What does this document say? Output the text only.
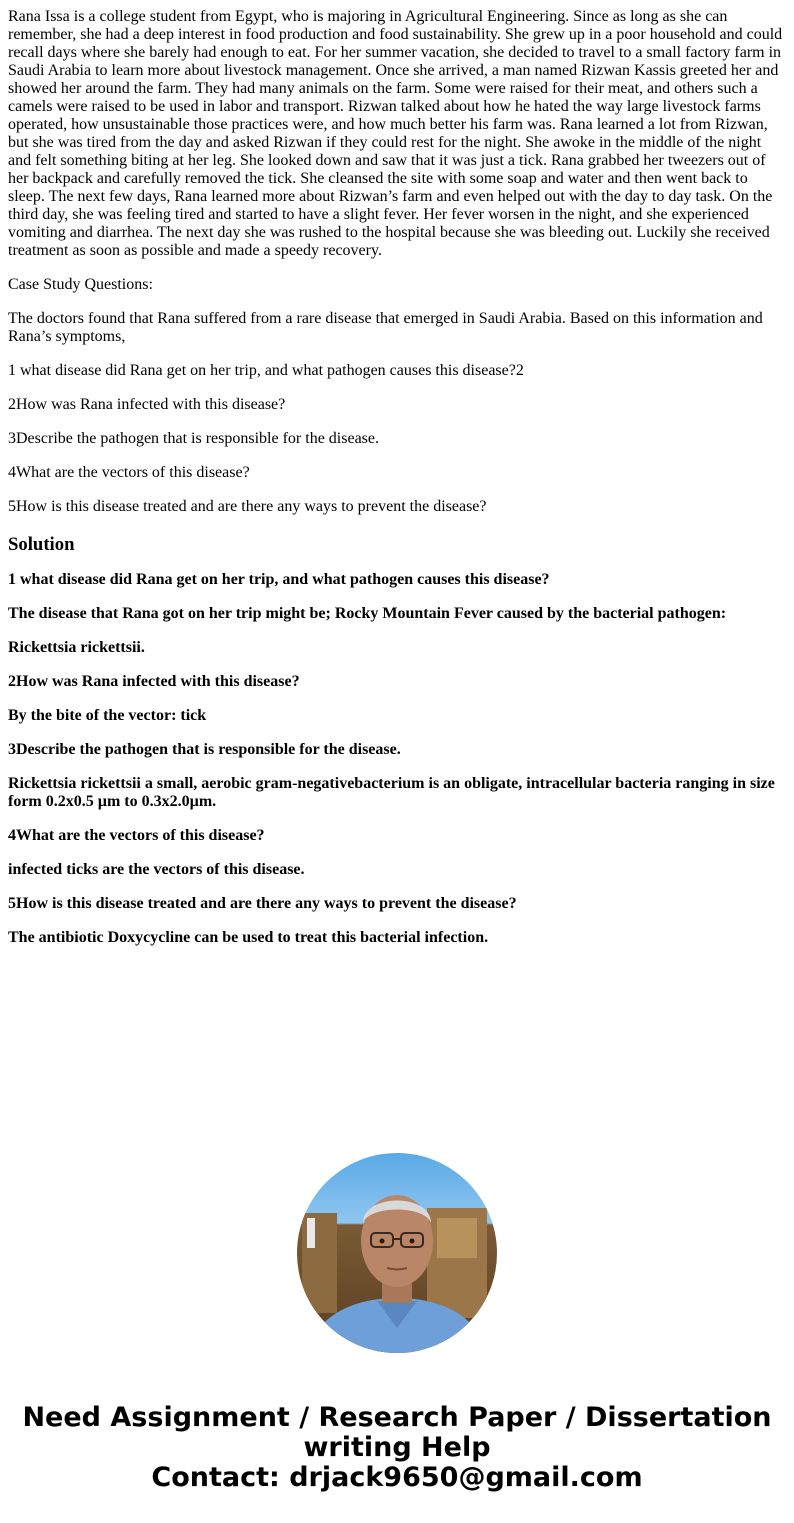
Rana Issa is a college student from Egypt, who is majoring in Agricultural Engineering. Since as long as she can remember, she had a deep interest in food production and food sustainability. She grew up in a poor household and could recall days where she barely had enough to eat. For her summer vacation, she decided to travel to a small factory farm in Saudi Arabia to learn more about livestock management. Once she arrived, a man named Rizwan Kassis greeted her and showed her around the farm. They had many animals on the farm. Some were raised for their meat, and others such a camels were raised to be used in labor and transport. Rizwan talked about how he hated the way large livestock farms operated, how unsustainable those practices were, and how much better his farm was. Rana learned a lot from Rizwan, but she was tired from the day and asked Rizwan if they could rest for the night. She awoke in the middle of the night and felt something biting at her leg. She looked down and saw that it was just a tick. Rana grabbed her tweezers out of her backpack and carefully removed the tick. She cleansed the site with some soap and water and then went back to sleep. The next few days, Rana learned more about Rizwan’s farm and even helped out with the day to day task. On the third day, she was feeling tired and started to have a slight fever. Her fever worsen in the night, and she experienced vomiting and diarrhea. The next day she was rushed to the hospital because she was bleeding out. Luckily she received treatment as soon as possible and made a speedy recovery.

Case Study Questions:

The doctors found that Rana suffered from a rare disease that emerged in Saudi Arabia. Based on this information and Rana’s symptoms,

1 what disease did Rana get on her trip, and what pathogen causes this disease?2

2How was Rana infected with this disease?

3Describe the pathogen that is responsible for the disease.

4What are the vectors of this disease?

5How is this disease treated and are there any ways to prevent the disease?

Solution

1 what disease did Rana get on her trip, and what pathogen causes this disease?

The disease that Rana got on her trip might be; Rocky Mountain Fever caused by the bacterial pathogen:

Rickettsia rickettsii.

2How was Rana infected with this disease?

By the bite of the vector: tick

3Describe the pathogen that is responsible for the disease.

Rickettsia rickettsii a small, aerobic gram-negativebacterium is an obligate, intracellular bacteria ranging in size form 0.2x0.5 µm to 0.3x2.0µm.

4What are the vectors of this disease?

infected ticks are the vectors of this disease.

5How is this disease treated and are there any ways to prevent the disease?

The antibiotic Doxycycline can be used to treat this bacterial infection.

Need Assignment / Research Paper / Dissertation
writing Help
Contact: drjack9650@gmail.com
